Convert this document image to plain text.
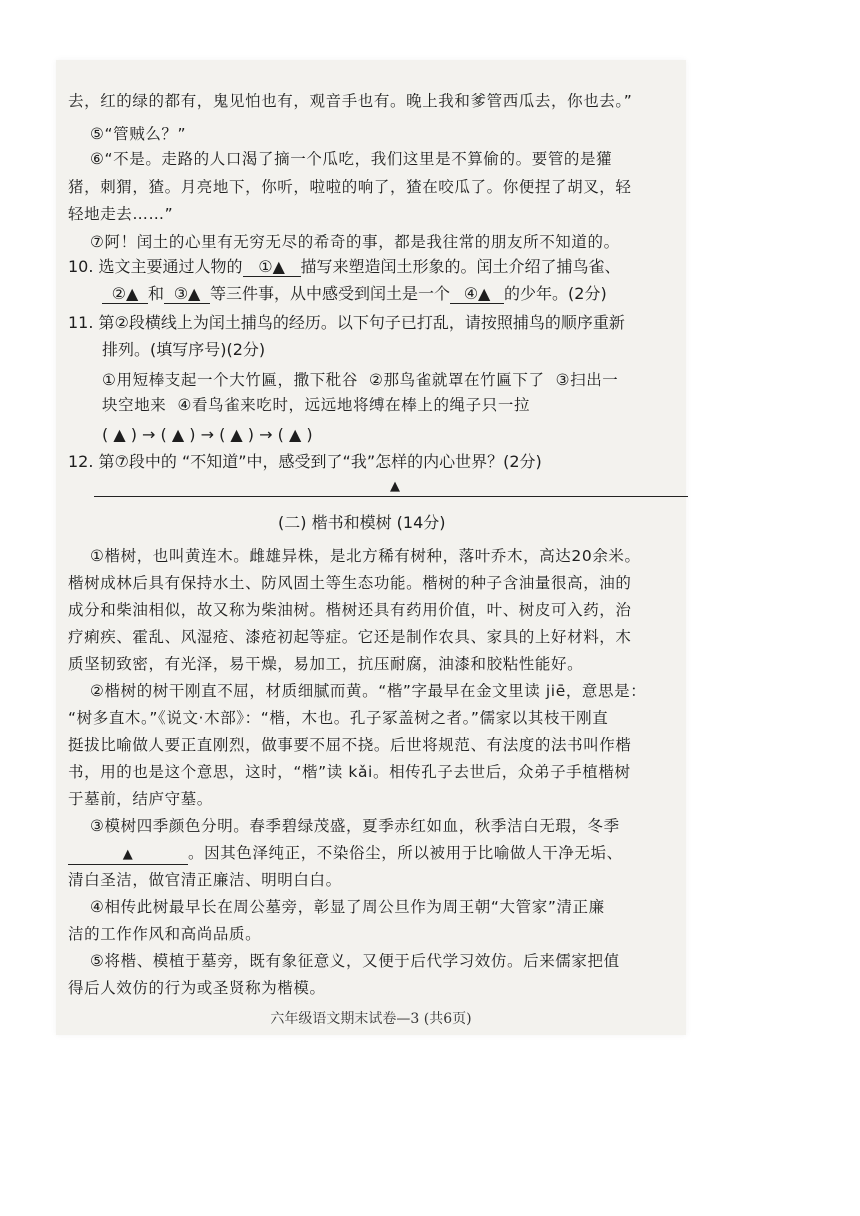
去，红的绿的都有，鬼见怕也有，观音手也有。晚上我和爹管西瓜去，你也去。”
⑤“管贼么？”
⑥“不是。走路的人口渴了摘一个瓜吃，我们这里是不算偷的。要管的是獾
猪，刺猬，猹。月亮地下，你听，啦啦的响了，猹在咬瓜了。你便捏了胡叉，轻
轻地走去……”
⑦阿！闰土的心里有无穷无尽的希奇的事，都是我往常的朋友所不知道的。
10. 选文主要通过人物的 ①▲ 描写来塑造闰土形象的。闰土介绍了捕鸟雀、
②▲ 和 ③▲ 等三件事，从中感受到闰土是一个 ④▲ 的少年。(2分)
11. 第②段横线上为闰土捕鸟的经历。以下句子已打乱，请按照捕鸟的顺序重新
排列。(填写序号)(2分)
①用短棒支起一个大竹匾，撒下秕谷  ②那鸟雀就罩在竹匾下了  ③扫出一
块空地来  ④看鸟雀来吃时，远远地将缚在棒上的绳子只一拉
( ▲ ) → ( ▲ ) → ( ▲ ) → ( ▲ )
12. 第⑦段中的 “不知道”中，感受到了“我”怎样的内心世界？(2分)
▲
(二) 楷书和模树 (14分)
①楷树，也叫黄连木。雌雄异株，是北方稀有树种，落叶乔木，高达20余米。
楷树成林后具有保持水土、防风固土等生态功能。楷树的种子含油量很高，油的
成分和柴油相似，故又称为柴油树。楷树还具有药用价值，叶、树皮可入药，治
疗痢疾、霍乱、风湿疮、漆疮初起等症。它还是制作农具、家具的上好材料，木
质坚韧致密，有光泽，易干燥，易加工，抗压耐腐，油漆和胶粘性能好。
②楷树的树干刚直不屈，材质细腻而黄。“楷”字最早在金文里读 jiē，意思是：
“树多直木。”《说文·木部》：“楷，木也。孔子冢盖树之者。”儒家以其枝干刚直
挺拔比喻做人要正直刚烈，做事要不屈不挠。后世将规范、有法度的法书叫作楷
书，用的也是这个意思，这时，“楷”读 kǎi。相传孔子去世后，众弟子手植楷树
于墓前，结庐守墓。
③模树四季颜色分明。春季碧绿茂盛，夏季赤红如血，秋季洁白无瑕，冬季
▲	。因其色泽纯正，不染俗尘，所以被用于比喻做人干净无垢、
清白圣洁，做官清正廉洁、明明白白。
④相传此树最早长在周公墓旁，彰显了周公旦作为周王朝“大管家”清正廉
洁的工作作风和高尚品质。
⑤将楷、模植于墓旁，既有象征意义，又便于后代学习效仿。后来儒家把值
得后人效仿的行为或圣贤称为楷模。
六年级语文期末试卷—3 (共6页)
